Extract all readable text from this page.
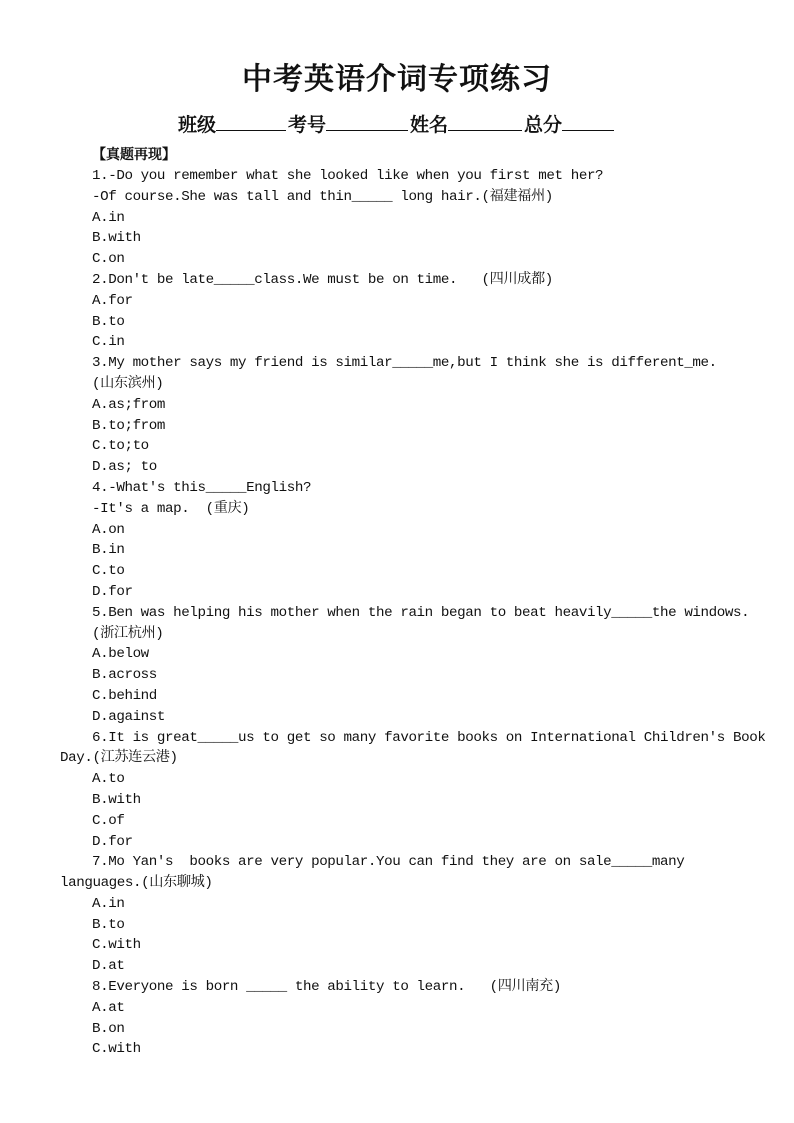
中考英语介词专项练习
班级	考号	姓名	总分
【真题再现】
1.-Do you remember what she looked like when you first met her?
-Of course.She was tall and thin_____ long hair.(福建福州)
A.in
B.with
C.on
2.Don't be late_____class.We must be on time.   (四川成都)
A.for
B.to
C.in
3.My mother says my friend is similar_____me,but I think she is different_me.
(山东滨州)
A.as;from
B.to;from
C.to;to
D.as; to
4.-What's this_____English?
-It's a map.  (重庆)
A.on
B.in
C.to
D.for
5.Ben was helping his mother when the rain began to beat heavily_____the windows.
(浙江杭州)
A.below
B.across
C.behind
D.against
6.It is great_____us to get so many favorite books on International Children's Book
Day.(江苏连云港)
A.to
B.with
C.of
D.for
7.Mo Yan's  books are very popular.You can find they are on sale_____many
languages.(山东聊城)
A.in
B.to
C.with
D.at
8.Everyone is born _____ the ability to learn.   (四川南充)
A.at
B.on
C.with
